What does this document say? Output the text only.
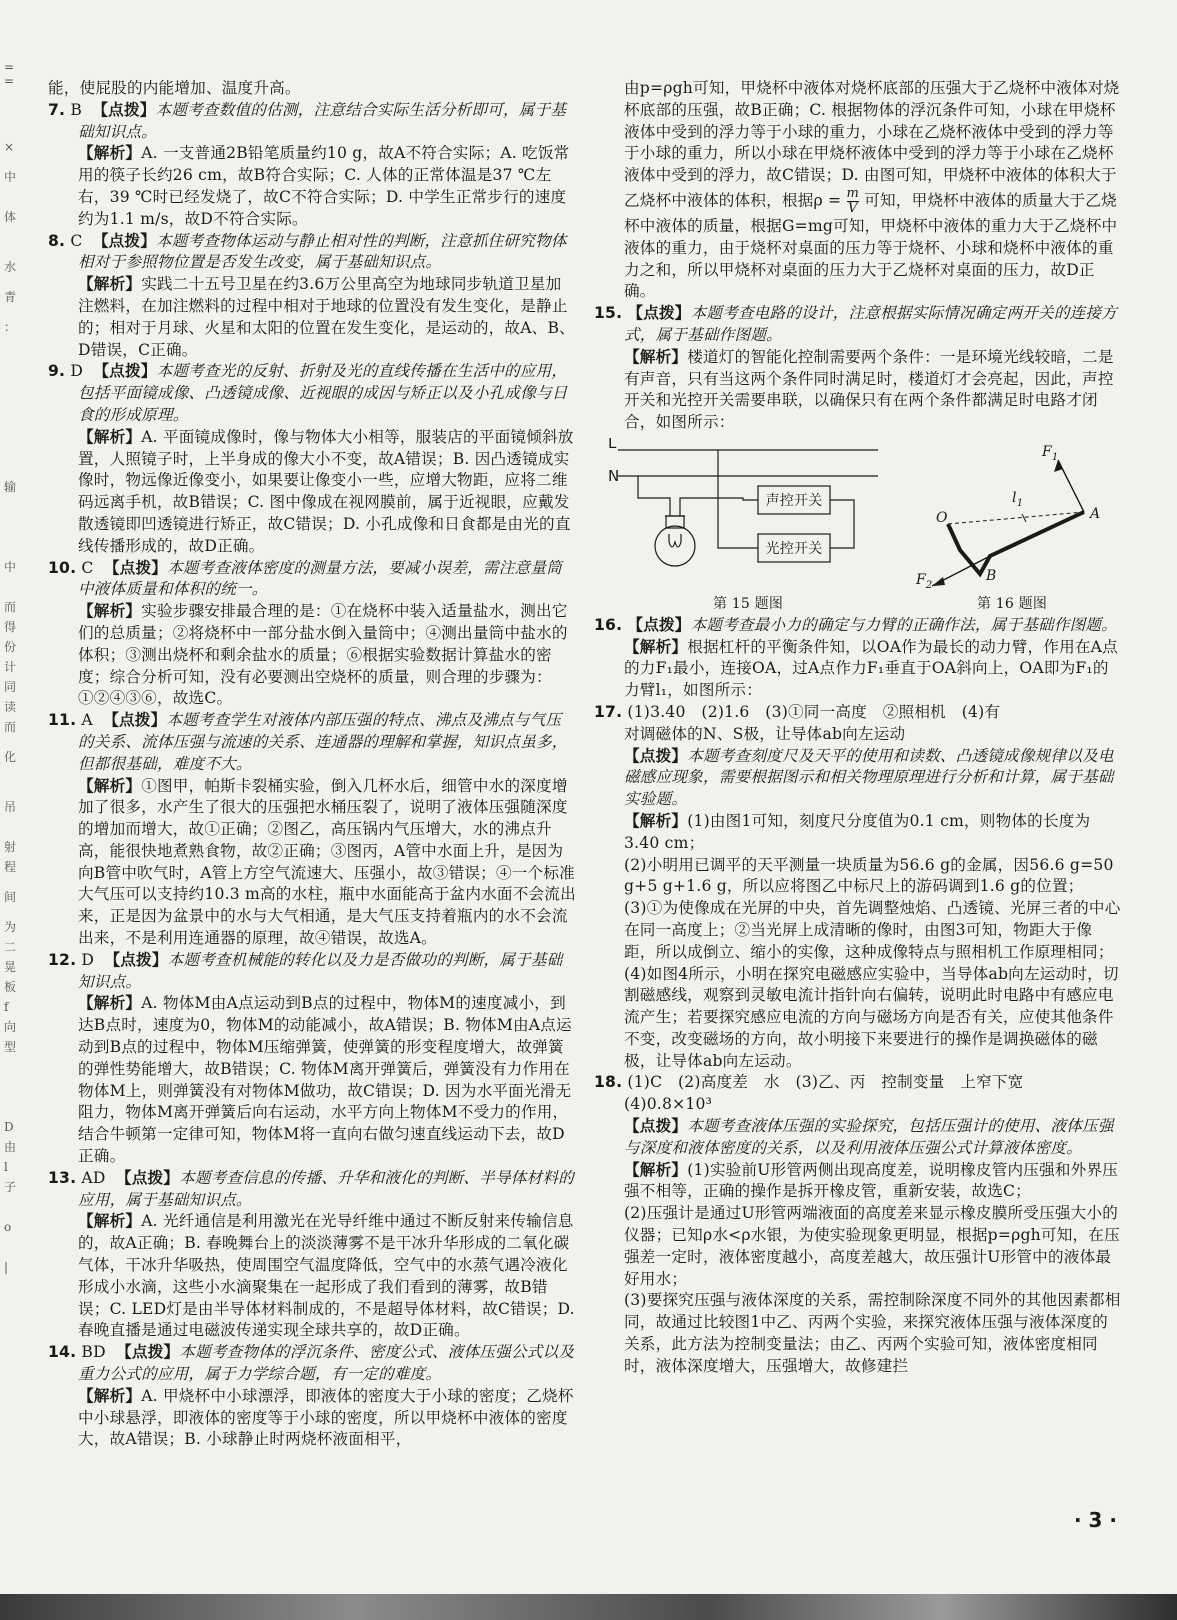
=
=
×
中
体
水
青
：
输
中
而
得
份
计
同
读
而
化
吊
射
程
间
为
二
晃
板
f
向
型
D
由
l
子
o
|

能，使屁股的内能增加、温度升高。

7. B 【点拨】本题考查数值的估测，注意结合实际生活分析即可，属于基础知识点。

【解析】A. 一支普通2B铅笔质量约10 g，故A不符合实际；A. 吃饭常用的筷子长约26 cm，故B符合实际；C. 人体的正常体温是37 ℃左右，39 ℃时已经发烧了，故C不符合实际；D. 中学生正常步行的速度约为1.1 m/s，故D不符合实际。

8. C 【点拨】本题考查物体运动与静止相对性的判断，注意抓住研究物体相对于参照物位置是否发生改变，属于基础知识点。

【解析】实践二十五号卫星在约3.6万公里高空为地球同步轨道卫星加注燃料，在加注燃料的过程中相对于地球的位置没有发生变化，是静止的；相对于月球、火星和太阳的位置在发生变化，是运动的，故A、B、D错误，C正确。

9. D 【点拨】本题考查光的反射、折射及光的直线传播在生活中的应用，包括平面镜成像、凸透镜成像、近视眼的成因与矫正以及小孔成像与日食的形成原理。

【解析】A. 平面镜成像时，像与物体大小相等，服装店的平面镜倾斜放置，人照镜子时，上半身成的像大小不变，故A错误；B. 因凸透镜成实像时，物远像近像变小，如果要让像变小一些，应增大物距，应将二维码远离手机，故B错误；C. 图中像成在视网膜前，属于近视眼，应戴发散透镜即凹透镜进行矫正，故C错误；D. 小孔成像和日食都是由光的直线传播形成的，故D正确。

10. C 【点拨】本题考查液体密度的测量方法，要减小误差，需注意量筒中液体质量和体积的统一。

【解析】实验步骤安排最合理的是：①在烧杯中装入适量盐水，测出它们的总质量；②将烧杯中一部分盐水倒入量筒中；④测出量筒中盐水的体积；③测出烧杯和剩余盐水的质量；⑥根据实验数据计算盐水的密度；综合分析可知，没有必要测出空烧杯的质量，则合理的步骤为：①②④③⑥，故选C。

11. A 【点拨】本题考查学生对液体内部压强的特点、沸点及沸点与气压的关系、流体压强与流速的关系、连通器的理解和掌握，知识点虽多，但都很基础，难度不大。

【解析】①图甲，帕斯卡裂桶实验，倒入几杯水后，细管中水的深度增加了很多，水产生了很大的压强把水桶压裂了，说明了液体压强随深度的增加而增大，故①正确；②图乙，高压锅内气压增大，水的沸点升高，能很快地煮熟食物，故②正确；③图丙，A管中水面上升，是因为向B管中吹气时，A管上方空气流速大、压强小，故③错误；④一个标准大气压可以支持约10.3 m高的水柱，瓶中水面能高于盆内水面不会流出来，正是因为盆景中的水与大气相通，是大气压支持着瓶内的水不会流出来，不是利用连通器的原理，故④错误，故选A。

12. D 【点拨】本题考查机械能的转化以及力是否做功的判断，属于基础知识点。

【解析】A. 物体M由A点运动到B点的过程中，物体M的速度减小，到达B点时，速度为0，物体M的动能减小，故A错误；B. 物体M由A点运动到B点的过程中，物体M压缩弹簧，使弹簧的形变程度增大，故弹簧的弹性势能增大，故B错误；C. 物体M离开弹簧后，弹簧没有力作用在物体M上，则弹簧没有对物体M做功，故C错误；D. 因为水平面光滑无阻力，物体M离开弹簧后向右运动，水平方向上物体M不受力的作用，结合牛顿第一定律可知，物体M将一直向右做匀速直线运动下去，故D正确。

13. AD 【点拨】本题考查信息的传播、升华和液化的判断、半导体材料的应用，属于基础知识点。

【解析】A. 光纤通信是利用激光在光导纤维中通过不断反射来传输信息的，故A正确；B. 春晚舞台上的淡淡薄雾不是干冰升华形成的二氧化碳气体，干冰升华吸热，使周围空气温度降低，空气中的水蒸气遇冷液化形成小水滴，这些小水滴聚集在一起形成了我们看到的薄雾，故B错误；C. LED灯是由半导体材料制成的，不是超导体材料，故C错误；D. 春晚直播是通过电磁波传递实现全球共享的，故D正确。

14. BD 【点拨】本题考查物体的浮沉条件、密度公式、液体压强公式以及重力公式的应用，属于力学综合题，有一定的难度。

【解析】A. 甲烧杯中小球漂浮，即液体的密度大于小球的密度；乙烧杯中小球悬浮，即液体的密度等于小球的密度，所以甲烧杯中液体的密度大，故A错误；B. 小球静止时两烧杯液面相平，

由p=ρgh可知，甲烧杯中液体对烧杯底部的压强大于乙烧杯中液体对烧杯底部的压强，故B正确；C. 根据物体的浮沉条件可知，小球在甲烧杯液体中受到的浮力等于小球的重力，小球在乙烧杯液体中受到的浮力等于小球的重力，所以小球在甲烧杯液体中受到的浮力等于小球在乙烧杯液体中受到的浮力，故C错误；D. 由图可知，甲烧杯中液体的体积大于乙烧杯中液体的体积，根据$\rho = \frac{m}{V}$ 可知，甲烧杯中液体的质量大于乙烧杯中液体的质量，根据G=mg可知，甲烧杯中液体的重力大于乙烧杯中液体的重力，由于烧杯对桌面的压力等于烧杯、小球和烧杯中液体的重力之和，所以甲烧杯对桌面的压力大于乙烧杯对桌面的压力，故D正确。

15. 【点拨】本题考查电路的设计，注意根据实际情况确定两开关的连接方式，属于基础作图题。

【解析】楼道灯的智能化控制需要两个条件：一是环境光线较暗，二是有声音，只有当这两个条件同时满足时，楼道灯才会亮起，因此，声控开关和光控开关需要串联，以确保只有在两个条件都满足时电路才闭合，如图所示：

L
N
声控开关
光控开关
第 15 题图
$F_1$
$l_1$
A
B
O
$F_2$
第 16 题图

16. 【点拨】本题考查最小力的确定与力臂的正确作法，属于基础作图题。

【解析】根据杠杆的平衡条件知，以OA作为最长的动力臂，作用在A点的力F₁最小，连接OA，过A点作力F₁垂直于OA斜向上，OA即为F₁的力臂l₁，如图所示：

17. (1)3.40　(2)1.6　(3)①同一高度　②照相机　(4)有

对调磁体的N、S极，让导体ab向左运动

【点拨】本题考查刻度尺及天平的使用和读数、凸透镜成像规律以及电磁感应现象，需要根据图示和相关物理原理进行分析和计算，属于基础实验题。

【解析】(1)由图1可知，刻度尺分度值为0.1 cm，则物体的长度为3.40 cm；

(2)小明用已调平的天平测量一块质量为56.6 g的金属，因56.6 g=50 g+5 g+1.6 g，所以应将图乙中标尺上的游码调到1.6 g的位置；

(3)①为使像成在光屏的中央，首先调整烛焰、凸透镜、光屏三者的中心在同一高度上；②当光屏上成清晰的像时，由图3可知，物距大于像距，所以成倒立、缩小的实像，这种成像特点与照相机工作原理相同；

(4)如图4所示，小明在探究电磁感应实验中，当导体ab向左运动时，切割磁感线，观察到灵敏电流计指针向右偏转，说明此时电路中有感应电流产生；若要探究感应电流的方向与磁场方向是否有关，应使其他条件不变，改变磁场的方向，故小明接下来要进行的操作是调换磁体的磁极，让导体ab向左运动。

18. (1)C　(2)高度差　水　(3)乙、丙　控制变量　上窄下宽

(4)0.8×10³

【点拨】本题考查液体压强的实验探究，包括压强计的使用、液体压强与深度和液体密度的关系，以及利用液体压强公式计算液体密度。

【解析】(1)实验前U形管两侧出现高度差，说明橡皮管内压强和外界压强不相等，正确的操作是拆开橡皮管，重新安装，故选C；

(2)压强计是通过U形管两端液面的高度差来显示橡皮膜所受压强大小的仪器；已知ρ水<ρ水银，为使实验现象更明显，根据p=ρgh可知，在压强差一定时，液体密度越小，高度差越大，故压强计U形管中的液体最好用水；

(3)要探究压强与液体深度的关系，需控制除深度不同外的其他因素都相同，故通过比较图1中乙、丙两个实验，来探究液体压强与液体深度的关系，此方法为控制变量法；由乙、丙两个实验可知，液体密度相同时，液体深度增大，压强增大，故修建拦

· 3 ·
